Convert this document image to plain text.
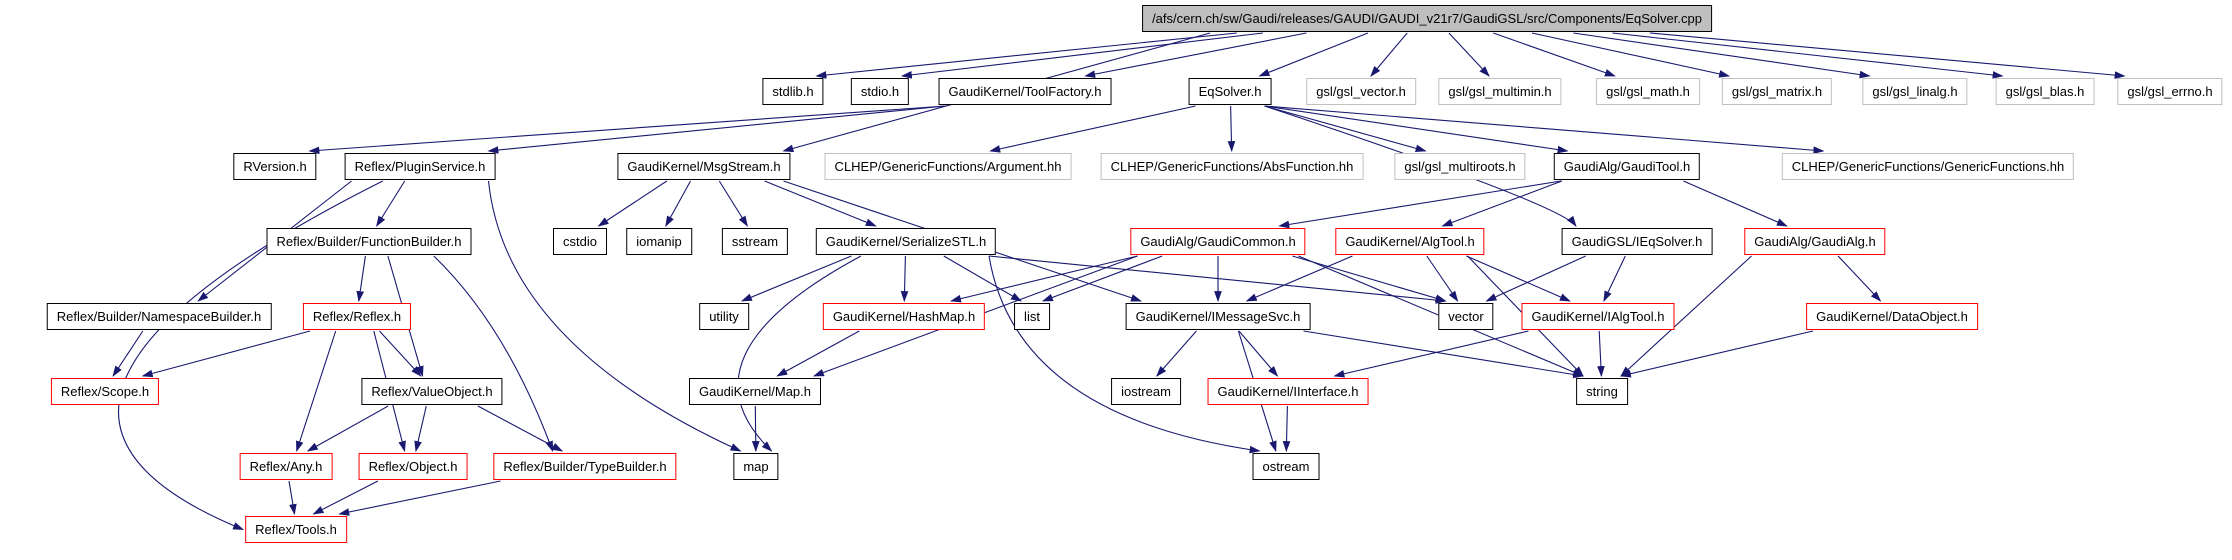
/afs/cern.ch/sw/Gaudi/releases/GAUDI/GAUDI_v21r7/GaudiGSL/src/Components/EqSolver.cpp
stdlib.h	stdio.h	GaudiKernel/ToolFactory.h	EqSolver.h	gsl/gsl_vector.h	gsl/gsl_multimin.h	gsl/gsl_math.h	gsl/gsl_matrix.h	gsl/gsl_linalg.h	gsl/gsl_blas.h	gsl/gsl_errno.h
RVersion.h	Reflex/PluginService.h	GaudiKernel/MsgStream.h	CLHEP/GenericFunctions/Argument.hh	CLHEP/GenericFunctions/AbsFunction.hh	gsl/gsl_multiroots.h	GaudiAlg/GaudiTool.h	CLHEP/GenericFunctions/GenericFunctions.hh
Reflex/Builder/FunctionBuilder.h	cstdio	iomanip	sstream	GaudiKernel/SerializeSTL.h	GaudiAlg/GaudiCommon.h	GaudiKernel/AlgTool.h	GaudiGSL/IEqSolver.h	GaudiAlg/GaudiAlg.h
Reflex/Builder/NamespaceBuilder.h	Reflex/Reflex.h	utility	GaudiKernel/HashMap.h	list	GaudiKernel/IMessageSvc.h	vector	GaudiKernel/IAlgTool.h	GaudiKernel/DataObject.h
Reflex/Scope.h	Reflex/ValueObject.h	GaudiKernel/Map.h	iostream	GaudiKernel/IInterface.h	string
Reflex/Any.h	Reflex/Object.h	Reflex/Builder/TypeBuilder.h	map	ostream
Reflex/Tools.h
